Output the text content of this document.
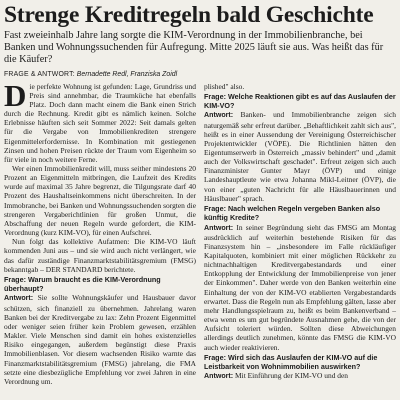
Strenge Kreditregeln bald Geschichte

Fast zweieinhalb Jahre lang sorgte die KIM-Verordnung in der Immobilienbranche, bei Banken und Wohnungssuchenden für Aufregung. Mitte 2025 läuft sie aus. Was heißt das für die Käufer?

FRAGE & ANTWORT: Bernadette Redl, Franziska Zoidl

Die perfekte Wohnung ist gefunden: Lage, Grundriss und Preis sind annehmbar, die Traumküche hat ebenfalls Platz. Doch dann macht einem die Bank einen Strich durch die Rechnung. Kredit gibt es nämlich keinen. Solche Erlebnisse häuften sich seit Sommer 2022: Seit damals gelten für die Vergabe von Immobilienkrediten strengere Eigenmittelerfordernisse. In Kombination mit gestiegenen Zinsen und hohen Preisen rückte der Traum vom Eigenheim so für viele in noch weitere Ferne.

Wer einen Immobilienkredit will, muss seither mindestens 20 Prozent an Eigenmitteln mitbringen, die Laufzeit des Kredits wurde auf maximal 35 Jahre begrenzt, die Tilgungsrate darf 40 Prozent des Haushaltseinkommens nicht überschreiten. In der Immobranche, bei Banken und Wohnungssuchenden sorgten die strengeren Vergaberichtlinien für großen Unmut, die Abschaffung der neuen Regeln wurde gefordert, die KIM-Verordnung (kurz KIM-VO), für einen Aufschrei.

Nun folgt das kollektive Aufatmen: Die KIM-VO läuft kommenden Juni aus – und sie wird auch nicht verlängert, wie das dafür zuständige Finanzmarktstabilitätsgremium (FMSG) bekanntgab – DER STANDARD berichtete.

Frage: Warum braucht es die KIM-Verordnung überhaupt?

Antwort: Sie sollte Wohnungskäufer und Hausbauer davor schützen, sich finanziell zu übernehmen. Jahrelang waren Banken bei der Kreditvergabe zu lax: Zehn Prozent Eigenmittel oder weniger seien früher kein Problem gewesen, erzählen Makler. Viele Menschen sind damit ein hohes existenzielles Risiko eingegangen, außerdem begünstigt diese Praxis Immobilienblasen. Vor diesem wachsenden Risiko warnte das Finanzmarktstabilitätsgremium (FMSG) jahrelang, die FMA setzte eine diesbezügliche Empfehlung vor zwei Jahren in eine Verordnung um.

plished" also.

Frage: Welche Reaktionen gibt es auf das Auslaufen der KIM-VO?

Antwort: Banken- und Immobilienbranche zeigen sich naturgemäß sehr erfreut darüber. „Behaftlichkeit zahlt sich aus", heißt es in einer Aussendung der Vereinigung Österreichischer Projektentwickler (VÖPE). Die Richtlinien hätten den Eigentumserwerb in Österreich „massiv behindert" und „damit auch der Volkswirtschaft geschadet". Erfreut zeigen sich auch Finanzminister Gunter Mayr (ÖVP) und einige Landeshauptleute wie etwa Johanna Mikl-Leitner (ÖVP), die von einer „guten Nachricht für alle Häuslbauerinnen und Häuslbauer" sprach.

Frage: Nach welchen Regeln vergeben Banken also künftig Kredite?

Antwort: In seiner Begründung sieht das FMSG am Montag ausdrücklich auf weiterhin bestehende Risiken für das Finanzsystem hin – „insbesondere im Falle rückläufiger Kapitalquoten, kombiniert mit einer möglichen Rückkehr zu nichtnachhaltigen Kreditvergabestandards und einer Entkopplung der Entwicklung der Immobilienpreise von jener der Einkommen". Daher werde von den Banken weiterhin eine Einhaltung der von der KIM-VO etablierten Vergabestandards erwartet. Dass die Regeln nun als Empfehlung gälten, lasse aber mehr Handlungsspielraum zu, heißt es beim Bankenverband – etwa wenn es um gut begründete Ausnahmen gehe, die von der Aufsicht toleriert würden. Sollten diese Abweichungen allerdings deutlich zunehmen, könnte das FMSG die KIM-VO auch wieder reaktivieren.

Frage: Wird sich das Auslaufen der KIM-VO auf die Leistbarkeit von Wohnimmobilien auswirken?

Antwort: Mit Einführung der KIM-VO und den
